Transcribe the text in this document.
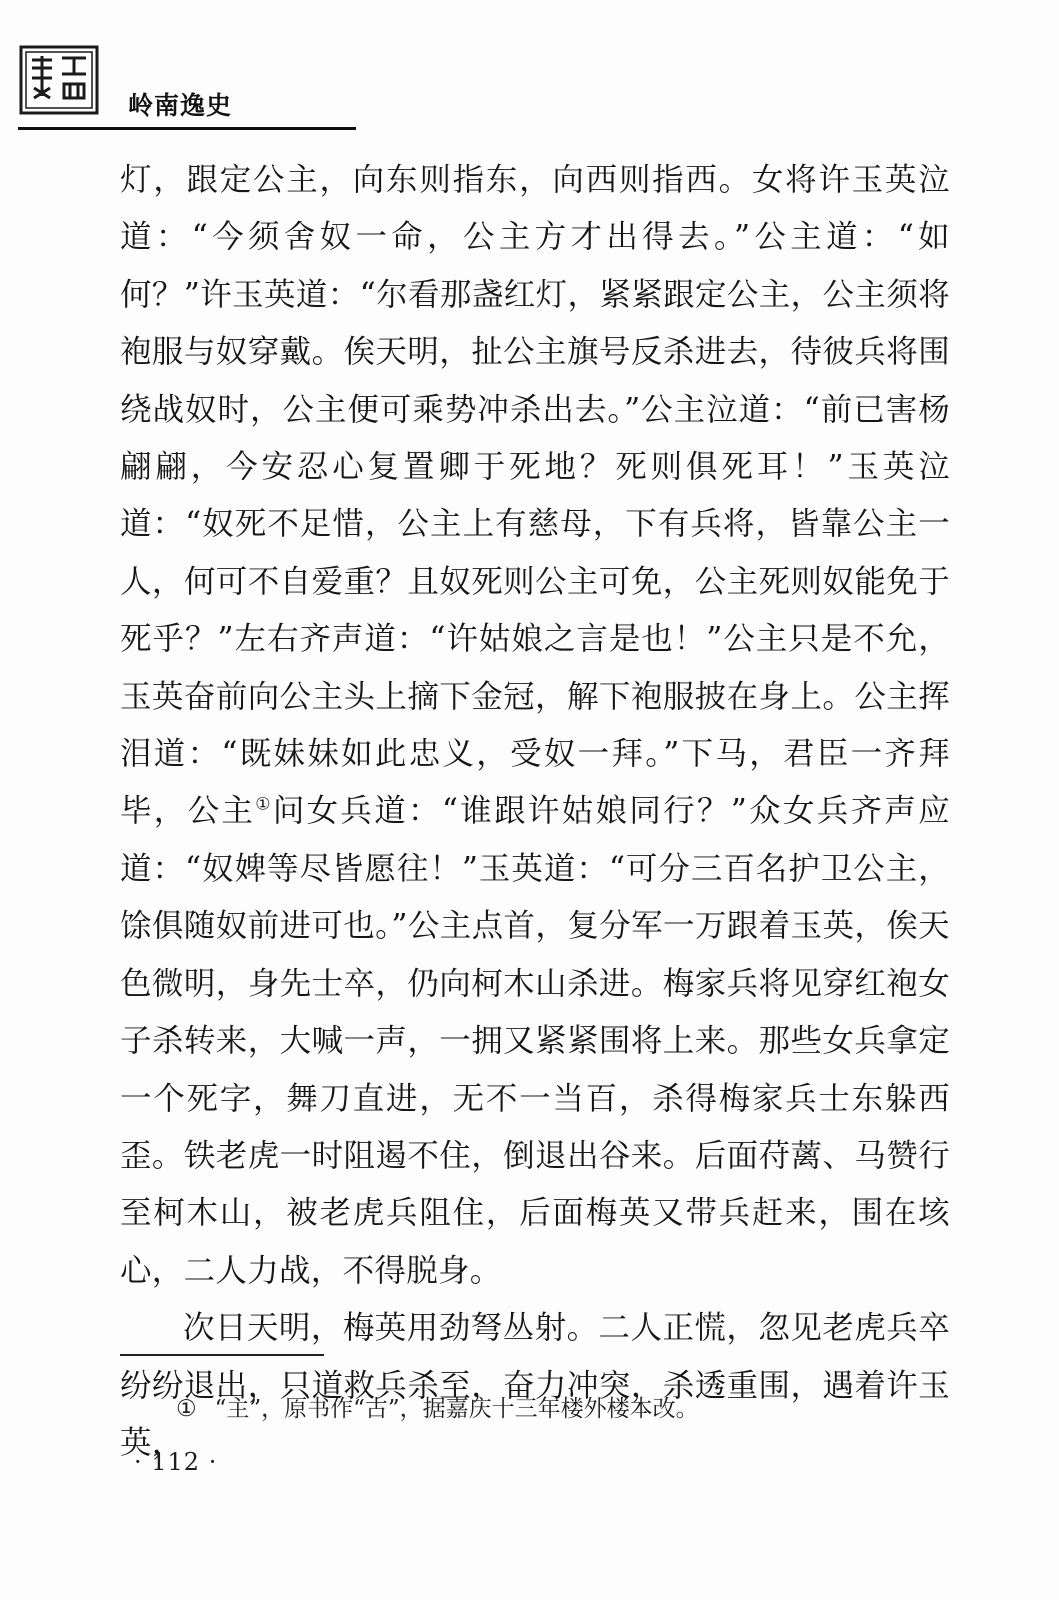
岭南逸史

灯，跟定公主，向东则指东，向西则指西。女将许玉英泣道：“今须舍奴一命，公主方才出得去。”公主道：“如何？”许玉英道：“尔看那盏红灯，紧紧跟定公主，公主须将袍服与奴穿戴。俟天明，扯公主旗号反杀进去，待彼兵将围绕战奴时，公主便可乘势冲杀出去。”公主泣道：“前已害杨翩翩，今安忍心复置卿于死地？死则俱死耳！”玉英泣道：“奴死不足惜，公主上有慈母，下有兵将，皆靠公主一人，何可不自爱重？且奴死则公主可免，公主死则奴能免于死乎？”左右齐声道：“许姑娘之言是也！”公主只是不允，玉英奋前向公主头上摘下金冠，解下袍服披在身上。公主挥泪道：“既妹妹如此忠义，受奴一拜。”下马，君臣一齐拜毕，公主①问女兵道：“谁跟许姑娘同行？”众女兵齐声应道：“奴婢等尽皆愿往！”玉英道：“可分三百名护卫公主，馀俱随奴前进可也。”公主点首，复分军一万跟着玉英，俟天色微明，身先士卒，仍向柯木山杀进。梅家兵将见穿红袍女子杀转来，大喊一声，一拥又紧紧围将上来。那些女兵拿定一个死字，舞刀直进，无不一当百，杀得梅家兵士东躲西歪。铁老虎一时阻遏不住，倒退出谷来。后面苻蓠、马赞行至柯木山，被老虎兵阻住，后面梅英又带兵赶来，围在垓心，二人力战，不得脱身。

次日天明，梅英用劲弩丛射。二人正慌，忽见老虎兵卒纷纷退出，只道救兵杀至，奋力冲突，杀透重围，遇着许玉英，

① “主”，原书作“古”，据嘉庆十三年楼外楼本改。
· 112 ·
